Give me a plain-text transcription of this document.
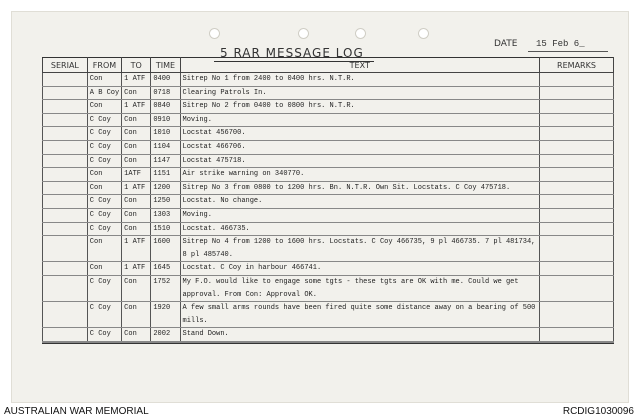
5 RAR MESSAGE LOG
DATE 15 Feb 6_
SERIAL	FROM	TO	TIME	TEXT	REMARKS
	Con	1 ATF	0400	Sitrep No 1 from 2400 to 0400 hrs. N.T.R.	
	A B Coy	Con	0718	Clearing Patrols In.	
	Con	1 ATF	0840	Sitrep No 2 from 0400 to 0800 hrs. N.T.R.	
	C Coy	Con	0910	Moving.	
	C Coy	Con	1010	Locstat 456700.	
	C Coy	Con	1104	Locstat 466706.	
	C Coy	Con	1147	Locstat 475718.	
	Con	1ATF	1151	Air strike warning on 340770.	
	Con	1 ATF	1200	Sitrep No 3 from 0800 to 1200 hrs. Bn. N.T.R. Own Sit. Locstats. C Coy 475718.	
	C Coy	Con	1250	Locstat. No change.	
	C Coy	Con	1303	Moving.	
	C Coy	Con	1510	Locstat. 466735.	
	Con	1 ATF	1600	Sitrep No 4 from 1200 to 1600 hrs. Locstats. C Coy 466735, 9 pl 466735. 7 pl 481734, 8 pl 485740.	
	Con	1 ATF	1645	Locstat. C Coy in harbour 466741.	
	C Coy	Con	1752	My F.O. would like to engage some tgts - these tgts are OK with me. Could we get approval. From Con: Approval OK.	
	C Coy	Con	1920	A few small arms rounds have been fired quite some distance away on a bearing of 500 mills.	
	C Coy	Con	2002	Stand Down.	

AUSTRALIAN WAR MEMORIAL	RCDIG1030096
